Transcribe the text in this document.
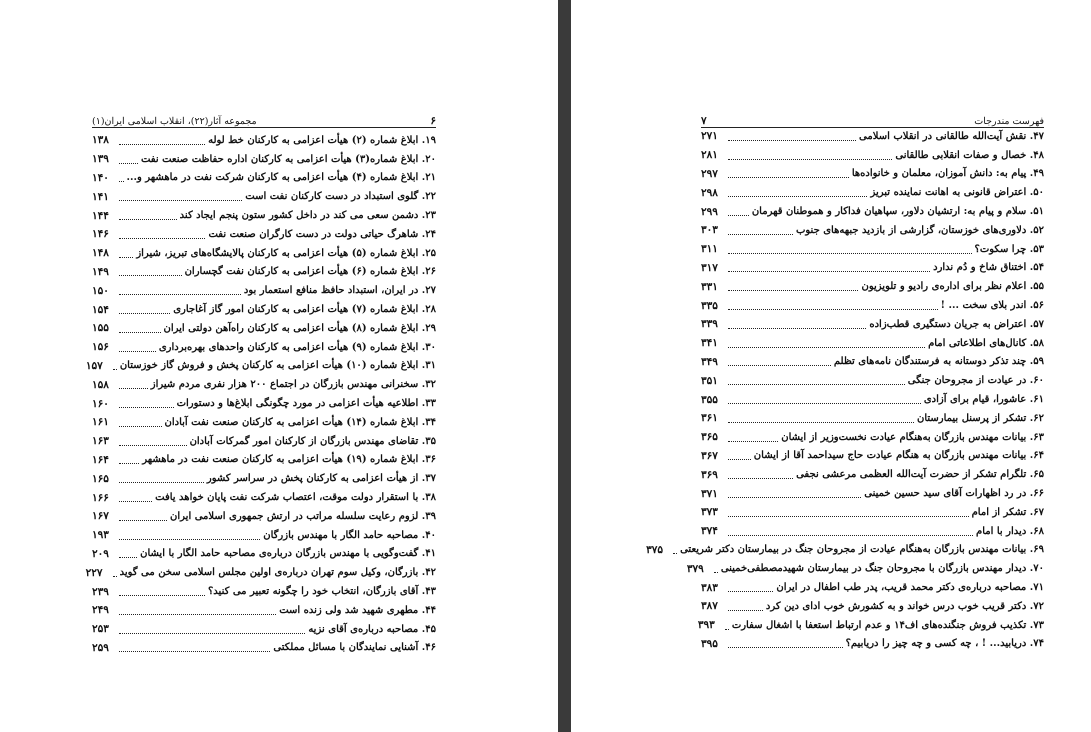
۶
مجموعه آثار(۲۲)، انقلاب اسلامی ایران(۱)
۱۹. ابلاغ شماره (۲) هیأت اعزامی به کارکنان خط لوله
۱۳۸
۲۰. ابلاغ شماره(۳) هیأت اعزامی به کارکنان اداره حفاظت صنعت نفت
۱۳۹
۲۱. ابلاغ شماره (۴) هیأت اعزامی به کارکنان شرکت نفت در ماهشهر و...
۱۴۰
۲۲. گلوی استبداد در دست کارکنان نفت است
۱۴۱
۲۳. دشمن سعی می کند در داخل کشور ستون پنجم ایجاد کند
۱۴۴
۲۴. شاهرگ حیاتی دولت در دست کارگران صنعت نفت
۱۴۶
۲۵. ابلاغ شماره (۵) هیأت اعزامی به کارکنان پالایشگاه‌های تبریز، شیراز
۱۴۸
۲۶. ابلاغ شماره (۶) هیأت اعزامی به کارکنان نفت گچساران
۱۴۹
۲۷. در ایران، استبداد حافظ منافع استعمار بود
۱۵۰
۲۸. ابلاغ شماره (۷) هیأت اعزامی به کارکنان امور گاز آغاجاری
۱۵۴
۲۹. ابلاغ شماره (۸) هیأت اعزامی به کارکنان راه‌آهن دولتی ایران
۱۵۵
۳۰. ابلاغ شماره (۹) هیأت اعزامی به کارکنان واحدهای بهره‌برداری
۱۵۶
۳۱. ابلاغ شماره (۱۰) هیأت اعزامی به کارکنان پخش و فروش گاز خوزستان
۱۵۷
۳۲. سخنرانی مهندس بازرگان در اجتماع ۲۰۰ هزار نفری مردم شیراز
۱۵۸
۳۳. اطلاعیه هیأت اعزامی در مورد چگونگی ابلاغ‌ها و دستورات
۱۶۰
۳۴. ابلاغ شماره (۱۴) هیأت اعزامی به کارکنان صنعت نفت آبادان
۱۶۱
۳۵. تقاضای مهندس بازرگان از کارکنان امور گمرکات آبادان
۱۶۳
۳۶. ابلاغ شماره (۱۹) هیأت اعزامی به کارکنان صنعت نفت در ماهشهر
۱۶۴
۳۷. از هیأت اعزامی به کارکنان پخش در سراسر کشور
۱۶۵
۳۸. با استقرار دولت موقت، اعتصاب شرکت نفت پایان خواهد یافت
۱۶۶
۳۹. لزوم رعایت سلسله مراتب در ارتش جمهوری اسلامی ایران
۱۶۷
۴۰. مصاحبه حامد الگار با مهندس بازرگان
۱۹۳
۴۱. گفت‌وگویی با مهندس بازرگان درباره‌ی مصاحبه حامد الگار با ایشان
۲۰۹
۴۲. بازرگان، وکیل سوم تهران درباره‌ی اولین مجلس اسلامی سخن می گوید
۲۲۷
۴۳. آقای بازرگان، انتخاب خود را چگونه تعبیر می کنید؟
۲۳۹
۴۴. مطهری شهید شد ولی زنده است
۲۴۹
۴۵. مصاحبه درباره‌ی آقای نزیه
۲۵۳
۴۶. آشنایی نمایندگان با مسائل مملکتی
۲۵۹
فهرست مندرجات
۷
۴۷. نقش آیت‌الله طالقانی در انقلاب اسلامی
۲۷۱
۴۸. خصال و صفات انقلابی طالقانی
۲۸۱
۴۹. پیام به: دانش آموزان، معلمان و خانواده‌ها
۲۹۷
۵۰. اعتراض قانونی به اهانت نماینده تبریز
۲۹۸
۵۱. سلام و پیام به: ارتشیان دلاور، سپاهیان فداکار و هموطنان قهرمان
۲۹۹
۵۲. دلاوری‌های خوزستان، گزارشی از بازدید جبهه‌های جنوب
۳۰۳
۵۳. چرا سکوت؟
۳۱۱
۵۴. اختناق شاخ و دُم ندارد
۳۱۷
۵۵. اعلام نظر برای اداره‌ی رادیو و تلویزیون
۳۳۱
۵۶. اندر بلای سخت ... !
۳۳۵
۵۷. اعتراض به جریان دستگیری قطب‌زاده
۳۳۹
۵۸. کانال‌های اطلاعاتی امام
۳۴۱
۵۹. چند تذکر دوستانه به فرستندگان نامه‌های تظلم
۳۴۹
۶۰. در عیادت از مجروحان جنگی
۳۵۱
۶۱. عاشورا، قیام برای آزادی
۳۵۵
۶۲. تشکر از پرسنل بیمارستان
۳۶۱
۶۳. بیانات مهندس بازرگان به‌هنگام عیادت نخست‌وزیر از ایشان
۳۶۵
۶۴. بیانات مهندس بازرگان به هنگام عیادت حاج سیداحمد آقا از ایشان
۳۶۷
۶۵. تلگرام تشکر از حضرت آیت‌الله العظمی مرعشی نجفی
۳۶۹
۶۶. در رد اظهارات آقای سید حسین خمینی
۳۷۱
۶۷. تشکر از امام
۳۷۳
۶۸. دیدار با امام
۳۷۴
۶۹. بیانات مهندس بازرگان به‌هنگام عیادت از مجروحان جنگ در بیمارستان دکتر شریعتی
۳۷۵
۷۰. دیدار مهندس بازرگان با مجروحان جنگ در بیمارستان شهیدمصطفی‌خمینی
۳۷۹
۷۱. مصاحبه درباره‌ی دکتر محمد قریب، پدر طب اطفال در ایران
۳۸۳
۷۲. دکتر قریب خوب درس خواند و به کشورش خوب ادای دین کرد
۳۸۷
۷۳. تکذیب فروش جنگنده‌های اف۱۴ و عدم ارتباط استعفا با اشغال سفارت
۳۹۳
۷۴. دریابید... ! ، چه کسی و چه چیز را دریابیم؟
۳۹۵
